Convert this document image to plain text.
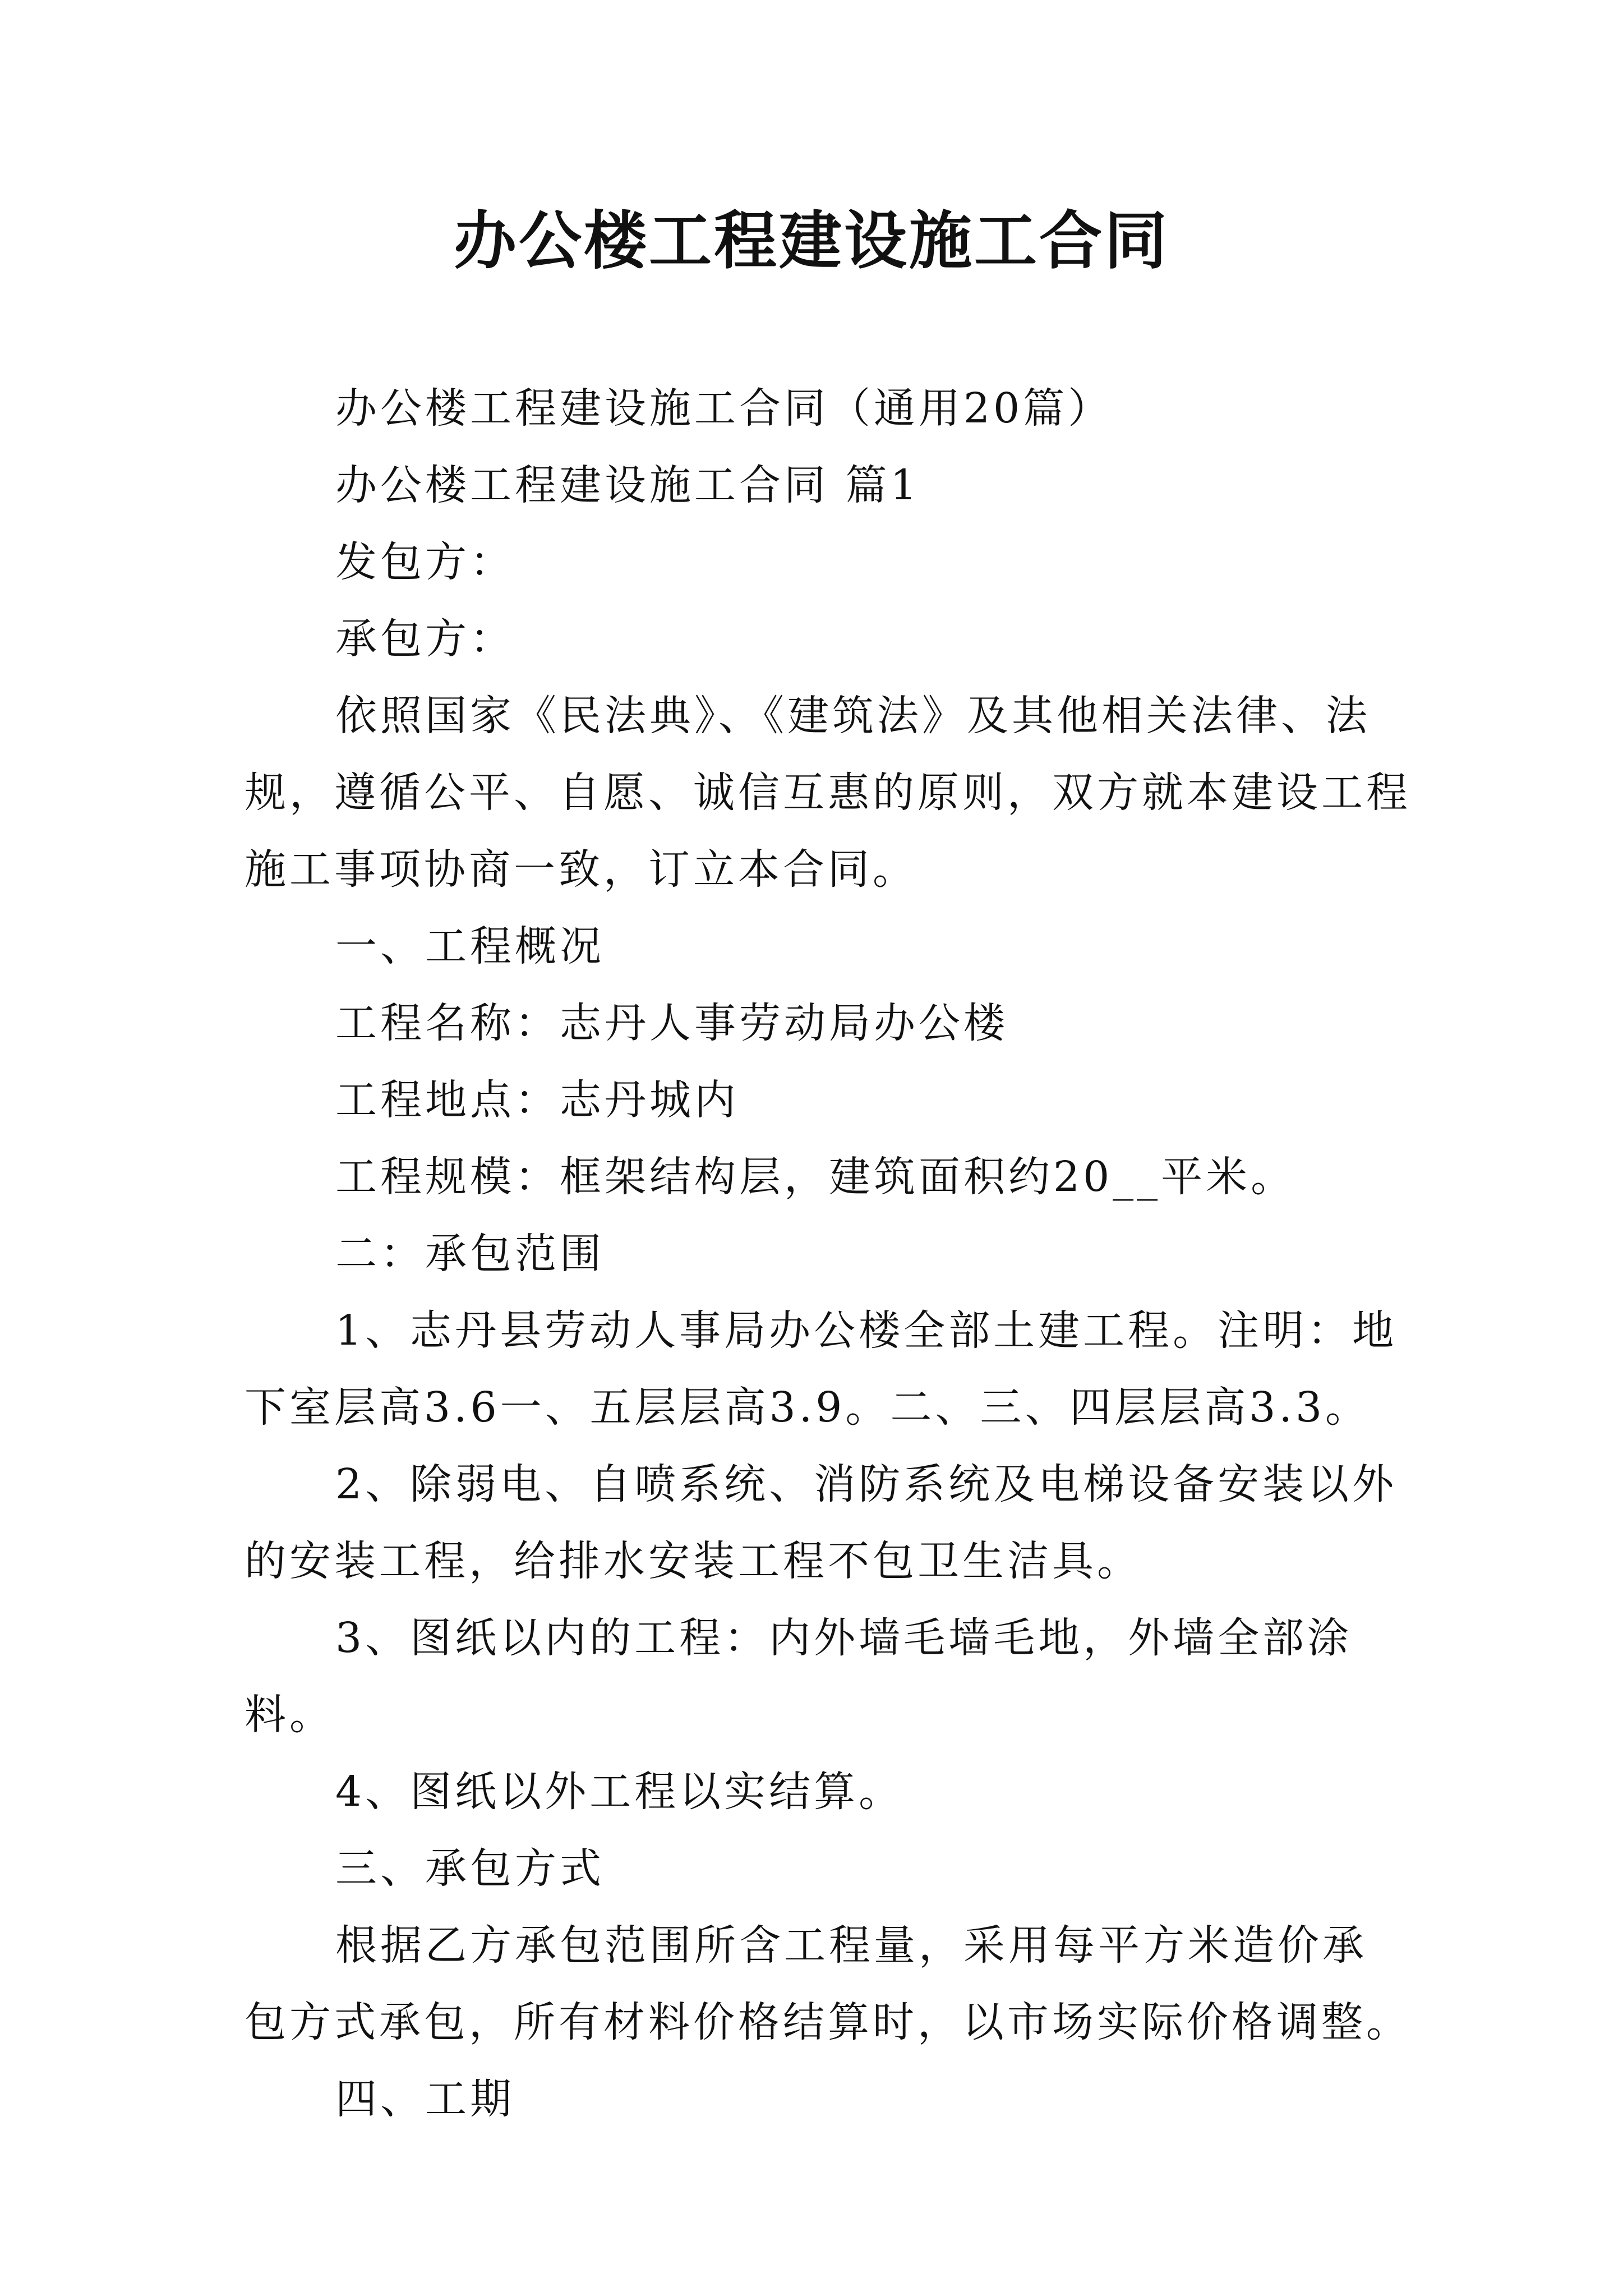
办公楼工程建设施工合同

办公楼工程建设施工合同（通用20篇）

办公楼工程建设施工合同 篇1

发包方：

承包方：

依照国家《民法典》、《建筑法》及其他相关法律、法规，遵循公平、自愿、诚信互惠的原则，双方就本建设工程施工事项协商一致，订立本合同。

一、工程概况

工程名称：志丹人事劳动局办公楼

工程地点：志丹城内

工程规模：框架结构层，建筑面积约20__平米。

二：承包范围

1、志丹县劳动人事局办公楼全部土建工程。注明：地下室层高3.6一、五层层高3.9。二、三、四层层高3.3。

2、除弱电、自喷系统、消防系统及电梯设备安装以外的安装工程，给排水安装工程不包卫生洁具。

3、图纸以内的工程：内外墙毛墙毛地，外墙全部涂料。

4、图纸以外工程以实结算。

三、承包方式

根据乙方承包范围所含工程量，采用每平方米造价承包方式承包，所有材料价格结算时，以市场实际价格调整。

四、工期
